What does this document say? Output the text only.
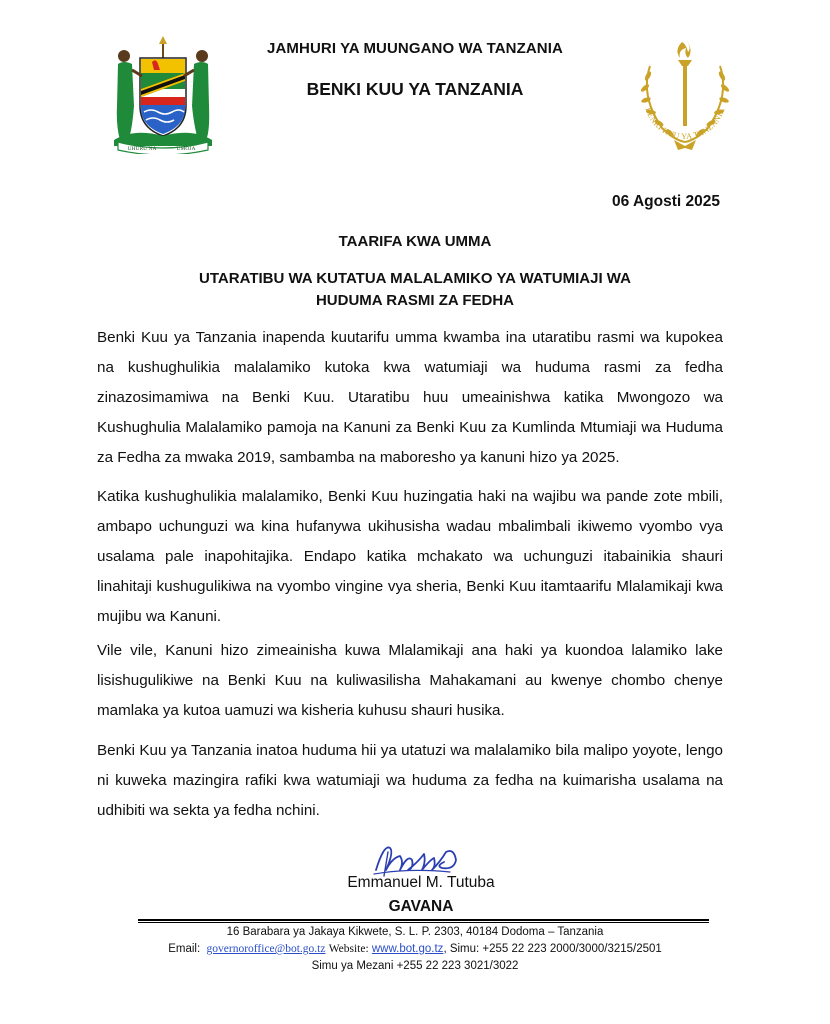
UHURU NA	UMOJA
JAMHURI YA MUUNGANO WA TANZANIA
BENKI KUU YA TANZANIA
BENKI KUU YA TANZANIA
06 Agosti 2025
TAARIFA KWA UMMA
UTARATIBU WA KUTATUA MALALAMIKO YA WATUMIAJI WA
HUDUMA RASMI ZA FEDHA

Benki Kuu ya Tanzania inapenda kuutarifu umma kwamba ina utaratibu rasmi wa kupokea na kushughulikia malalamiko kutoka kwa watumiaji wa huduma rasmi za fedha zinazosimamiwa na Benki Kuu. Utaratibu huu umeainishwa katika Mwongozo wa Kushughulia Malalamiko pamoja na Kanuni za Benki Kuu za Kumlinda Mtumiaji wa Huduma za Fedha za mwaka 2019, sambamba na maboresho ya kanuni hizo ya 2025.

Katika kushughulikia malalamiko, Benki Kuu huzingatia haki na wajibu wa pande zote mbili, ambapo uchunguzi wa kina hufanywa ukihusisha wadau mbalimbali ikiwemo vyombo vya usalama pale inapohitajika. Endapo katika mchakato wa uchunguzi itabainikia shauri linahitaji kushugulikiwa na vyombo vingine vya sheria, Benki Kuu itamtaarifu Mlalamikaji kwa mujibu wa Kanuni.

Vile vile, Kanuni hizo zimeainisha kuwa Mlalamikaji ana haki ya kuondoa lalamiko lake lisishugulikiwe na Benki Kuu na kuliwasilisha Mahakamani au kwenye chombo chenye mamlaka ya kutoa uamuzi wa kisheria kuhusu shauri husika.

Benki Kuu ya Tanzania inatoa huduma hii ya utatuzi wa malalamiko bila malipo yoyote, lengo ni kuweka mazingira rafiki kwa watumiaji wa huduma za fedha na kuimarisha usalama na udhibiti wa sekta ya fedha nchini.

Emmanuel M. Tutuba
GAVANA
16 Barabara ya Jakaya Kikwete, S. L. P. 2303, 40184 Dodoma – Tanzania
Email: governoroffice@bot.go.tz Website: www.bot.go.tz, Simu: +255 22 223 2000/3000/3215/2501
Simu ya Mezani +255 22 223 3021/3022
